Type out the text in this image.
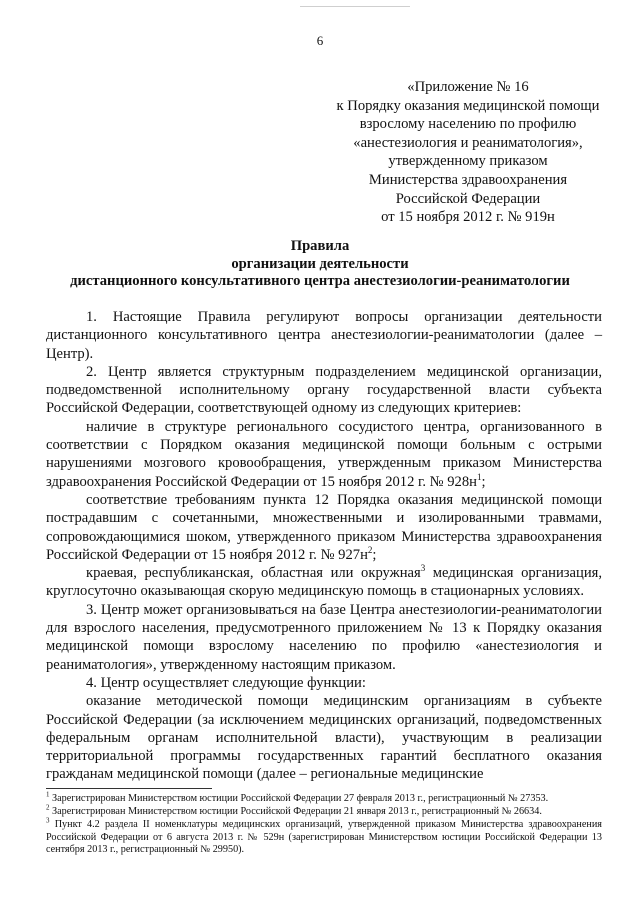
6
«Приложение № 16
к Порядку оказания медицинской помощи
взрослому населению по профилю
«анестезиология и реаниматология»,
утвержденному приказом
Министерства здравоохранения
Российской Федерации
от 15 ноября 2012 г. № 919н
Правила
организации деятельности
дистанционного консультативного центра анестезиологии-реаниматологии

1. Настоящие Правила регулируют вопросы организации деятельности дистанционного консультативного центра анестезиологии-реаниматологии (далее – Центр).

2. Центр является структурным подразделением медицинской организации, подведомственной исполнительному органу государственной власти субъекта Российской Федерации, соответствующей одному из следующих критериев:

наличие в структуре регионального сосудистого центра, организованного в соответствии с Порядком оказания медицинской помощи больным с острыми нарушениями мозгового кровообращения, утвержденным приказом Министерства здравоохранения Российской Федерации от 15 ноября 2012 г. № $928н^1$;

соответствие требованиям пункта 12 Порядка оказания медицинской помощи пострадавшим с сочетанными, множественными и изолированными травмами, сопровождающимися шоком, утвержденного приказом Министерства здравоохранения Российской Федерации от 15 ноября 2012 г. № $927н^2$;

краевая, республиканская, областная или окружная$^3$ медицинская организация, круглосуточно оказывающая скорую медицинскую помощь в стационарных условиях.

3. Центр может организовываться на базе Центра анестезиологии-реаниматологии для взрослого населения, предусмотренного приложением № 13 к Порядку оказания медицинской помощи взрослому населению по профилю «анестезиология и реаниматология», утвержденному настоящим приказом.

4. Центр осуществляет следующие функции:

оказание методической помощи медицинским организациям в субъекте Российской Федерации (за исключением медицинских организаций, подведомственных федеральным органам исполнительной власти), участвующим в реализации территориальной программы государственных гарантий бесплатного оказания гражданам медицинской помощи (далее – региональные медицинские

$^1$ Зарегистрирован Министерством юстиции Российской Федерации 27 февраля 2013 г., регистрационный № 27353.

$^2$ Зарегистрирован Министерством юстиции Российской Федерации 21 января 2013 г., регистрационный № 26634.

$^3$ Пункт 4.2 раздела II номенклатуры медицинских организаций, утвержденной приказом Министерства здравоохранения Российской Федерации от 6 августа 2013 г. № 529н (зарегистрирован Министерством юстиции Российской Федерации 13 сентября 2013 г., регистрационный № 29950).
